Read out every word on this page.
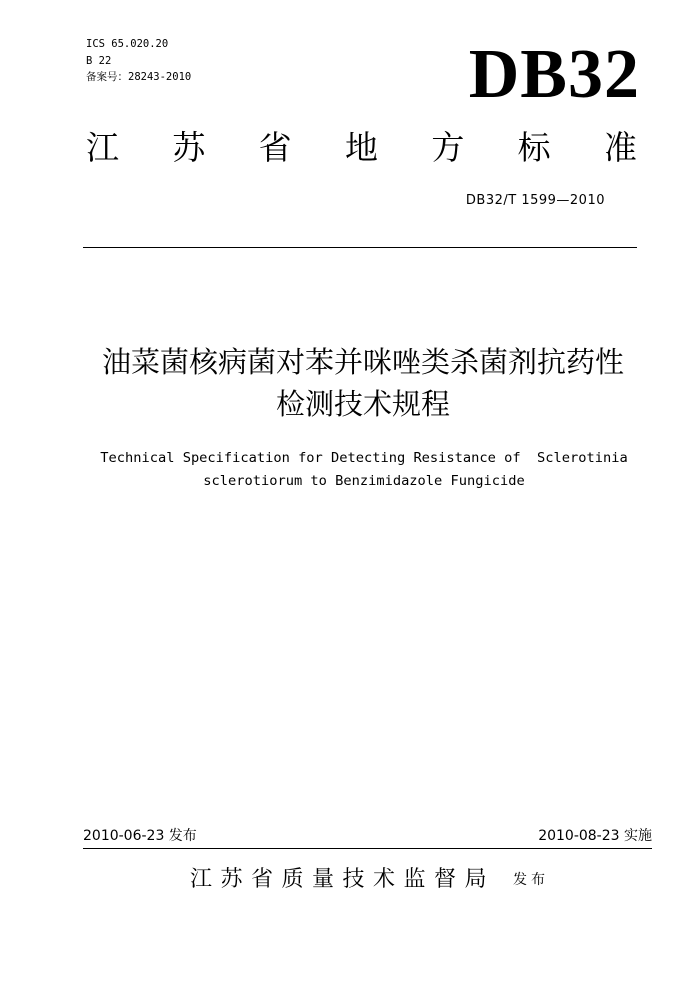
ICS 65.020.20
B 22
备案号：28243-2010	DB32
江 苏 省 地 方 标 准
DB32/T 1599—2010
油菜菌核病菌对苯并咪唑类杀菌剂抗药性
检测技术规程
Technical Specification for Detecting Resistance of  Sclerotinia
sclerotiorum to Benzimidazole Fungicide
2010-06-23 发布	2010-08-23 实施
江苏省质量技术监督局 发布
